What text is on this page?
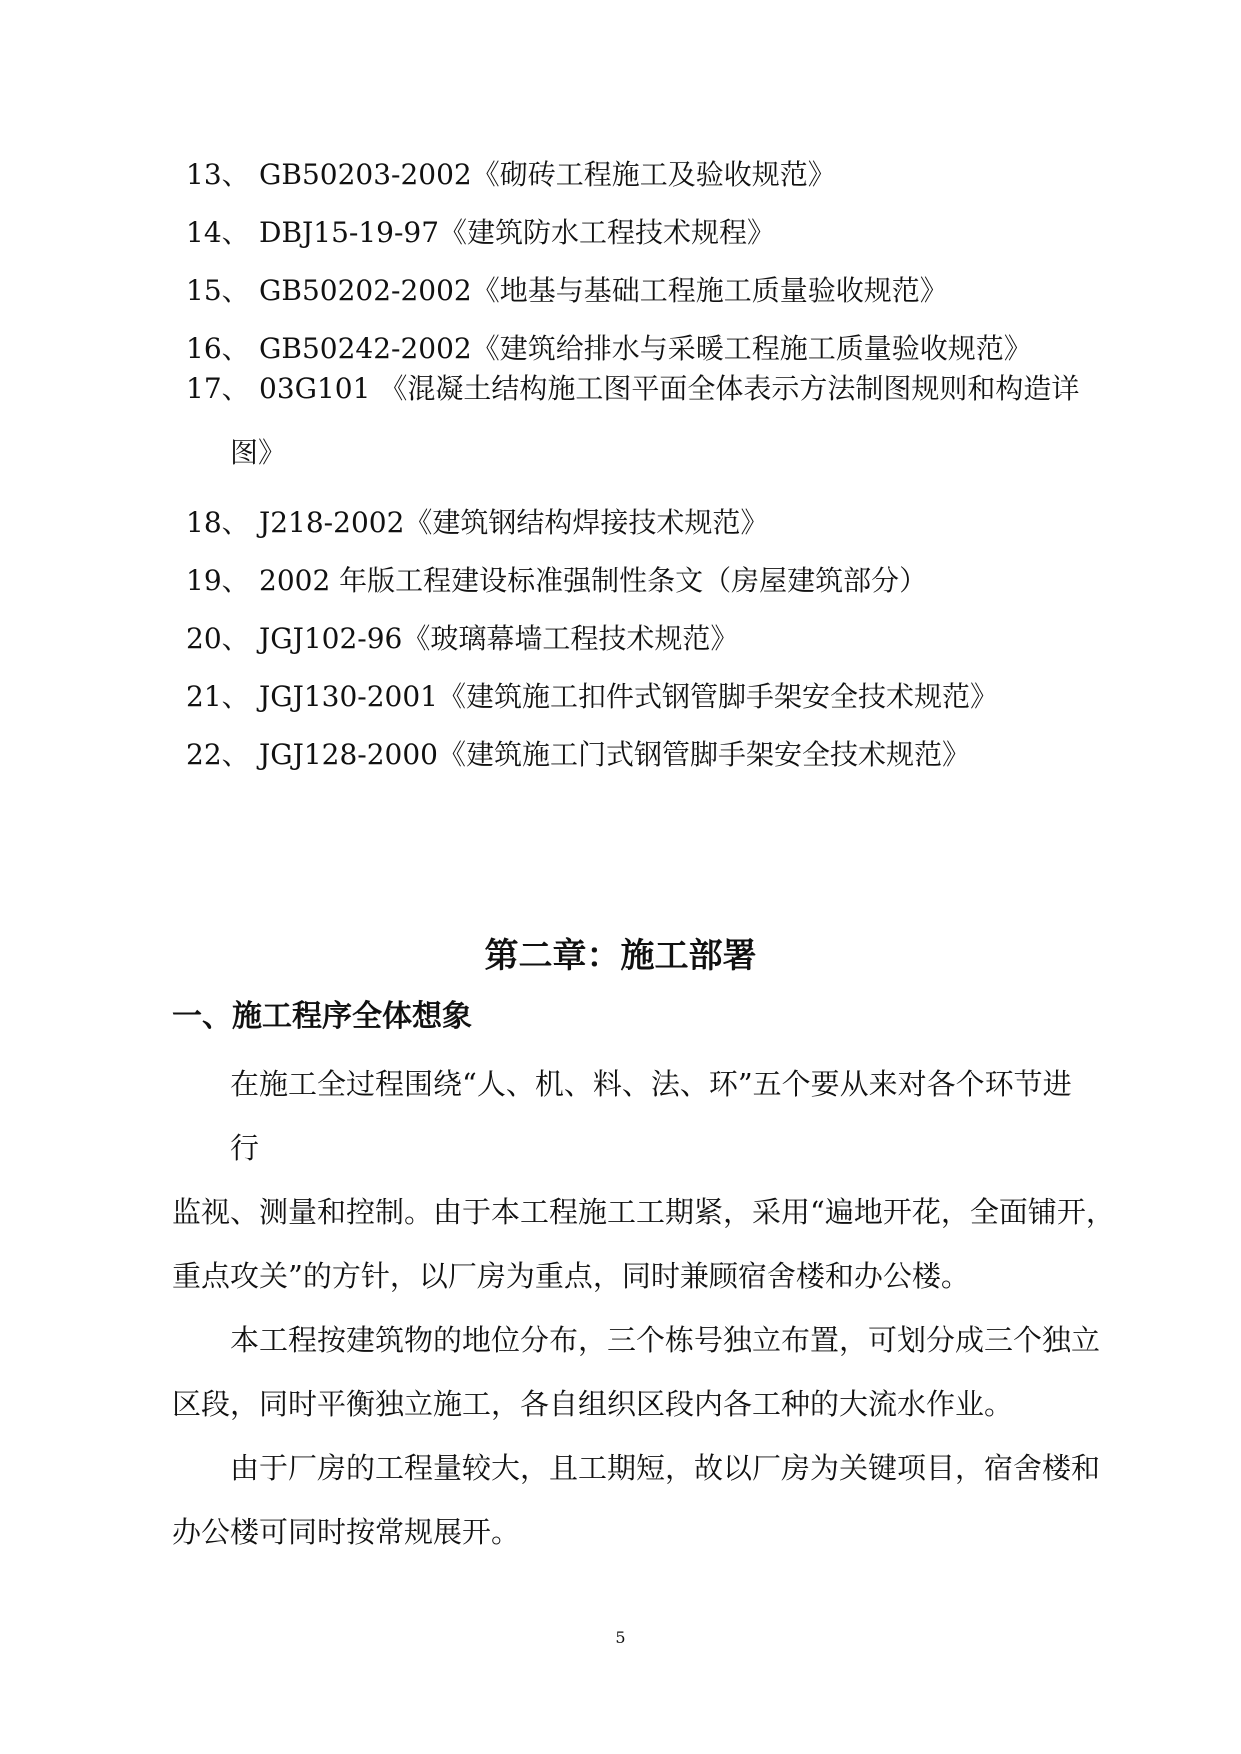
13、 GB50203-2002《砌砖工程施工及验收规范》
14、 DBJ15-19-97《建筑防水工程技术规程》
15、 GB50202-2002《地基与基础工程施工质量验收规范》
16、 GB50242-2002《建筑给排水与采暖工程施工质量验收规范》
17、 03G101 《混凝土结构施工图平面全体表示方法制图规则和构造详
图》
18、 J218-2002《建筑钢结构焊接技术规范》
19、 2002 年版工程建设标准强制性条文（房屋建筑部分）
20、 JGJ102-96《玻璃幕墙工程技术规范》
21、 JGJ130-2001《建筑施工扣件式钢管脚手架安全技术规范》
22、 JGJ128-2000《建筑施工门式钢管脚手架安全技术规范》
第二章：施工部署
一、施工程序全体想象
在施工全过程围绕“人、机、料、法、环”五个要从来对各个环节进
行
监视、测量和控制。由于本工程施工工期紧，采用“遍地开花，全面铺开，
重点攻关”的方针，以厂房为重点，同时兼顾宿舍楼和办公楼。
本工程按建筑物的地位分布，三个栋号独立布置，可划分成三个独立
区段，同时平衡独立施工，各自组织区段内各工种的大流水作业。
由于厂房的工程量较大，且工期短，故以厂房为关键项目，宿舍楼和
办公楼可同时按常规展开。
5
